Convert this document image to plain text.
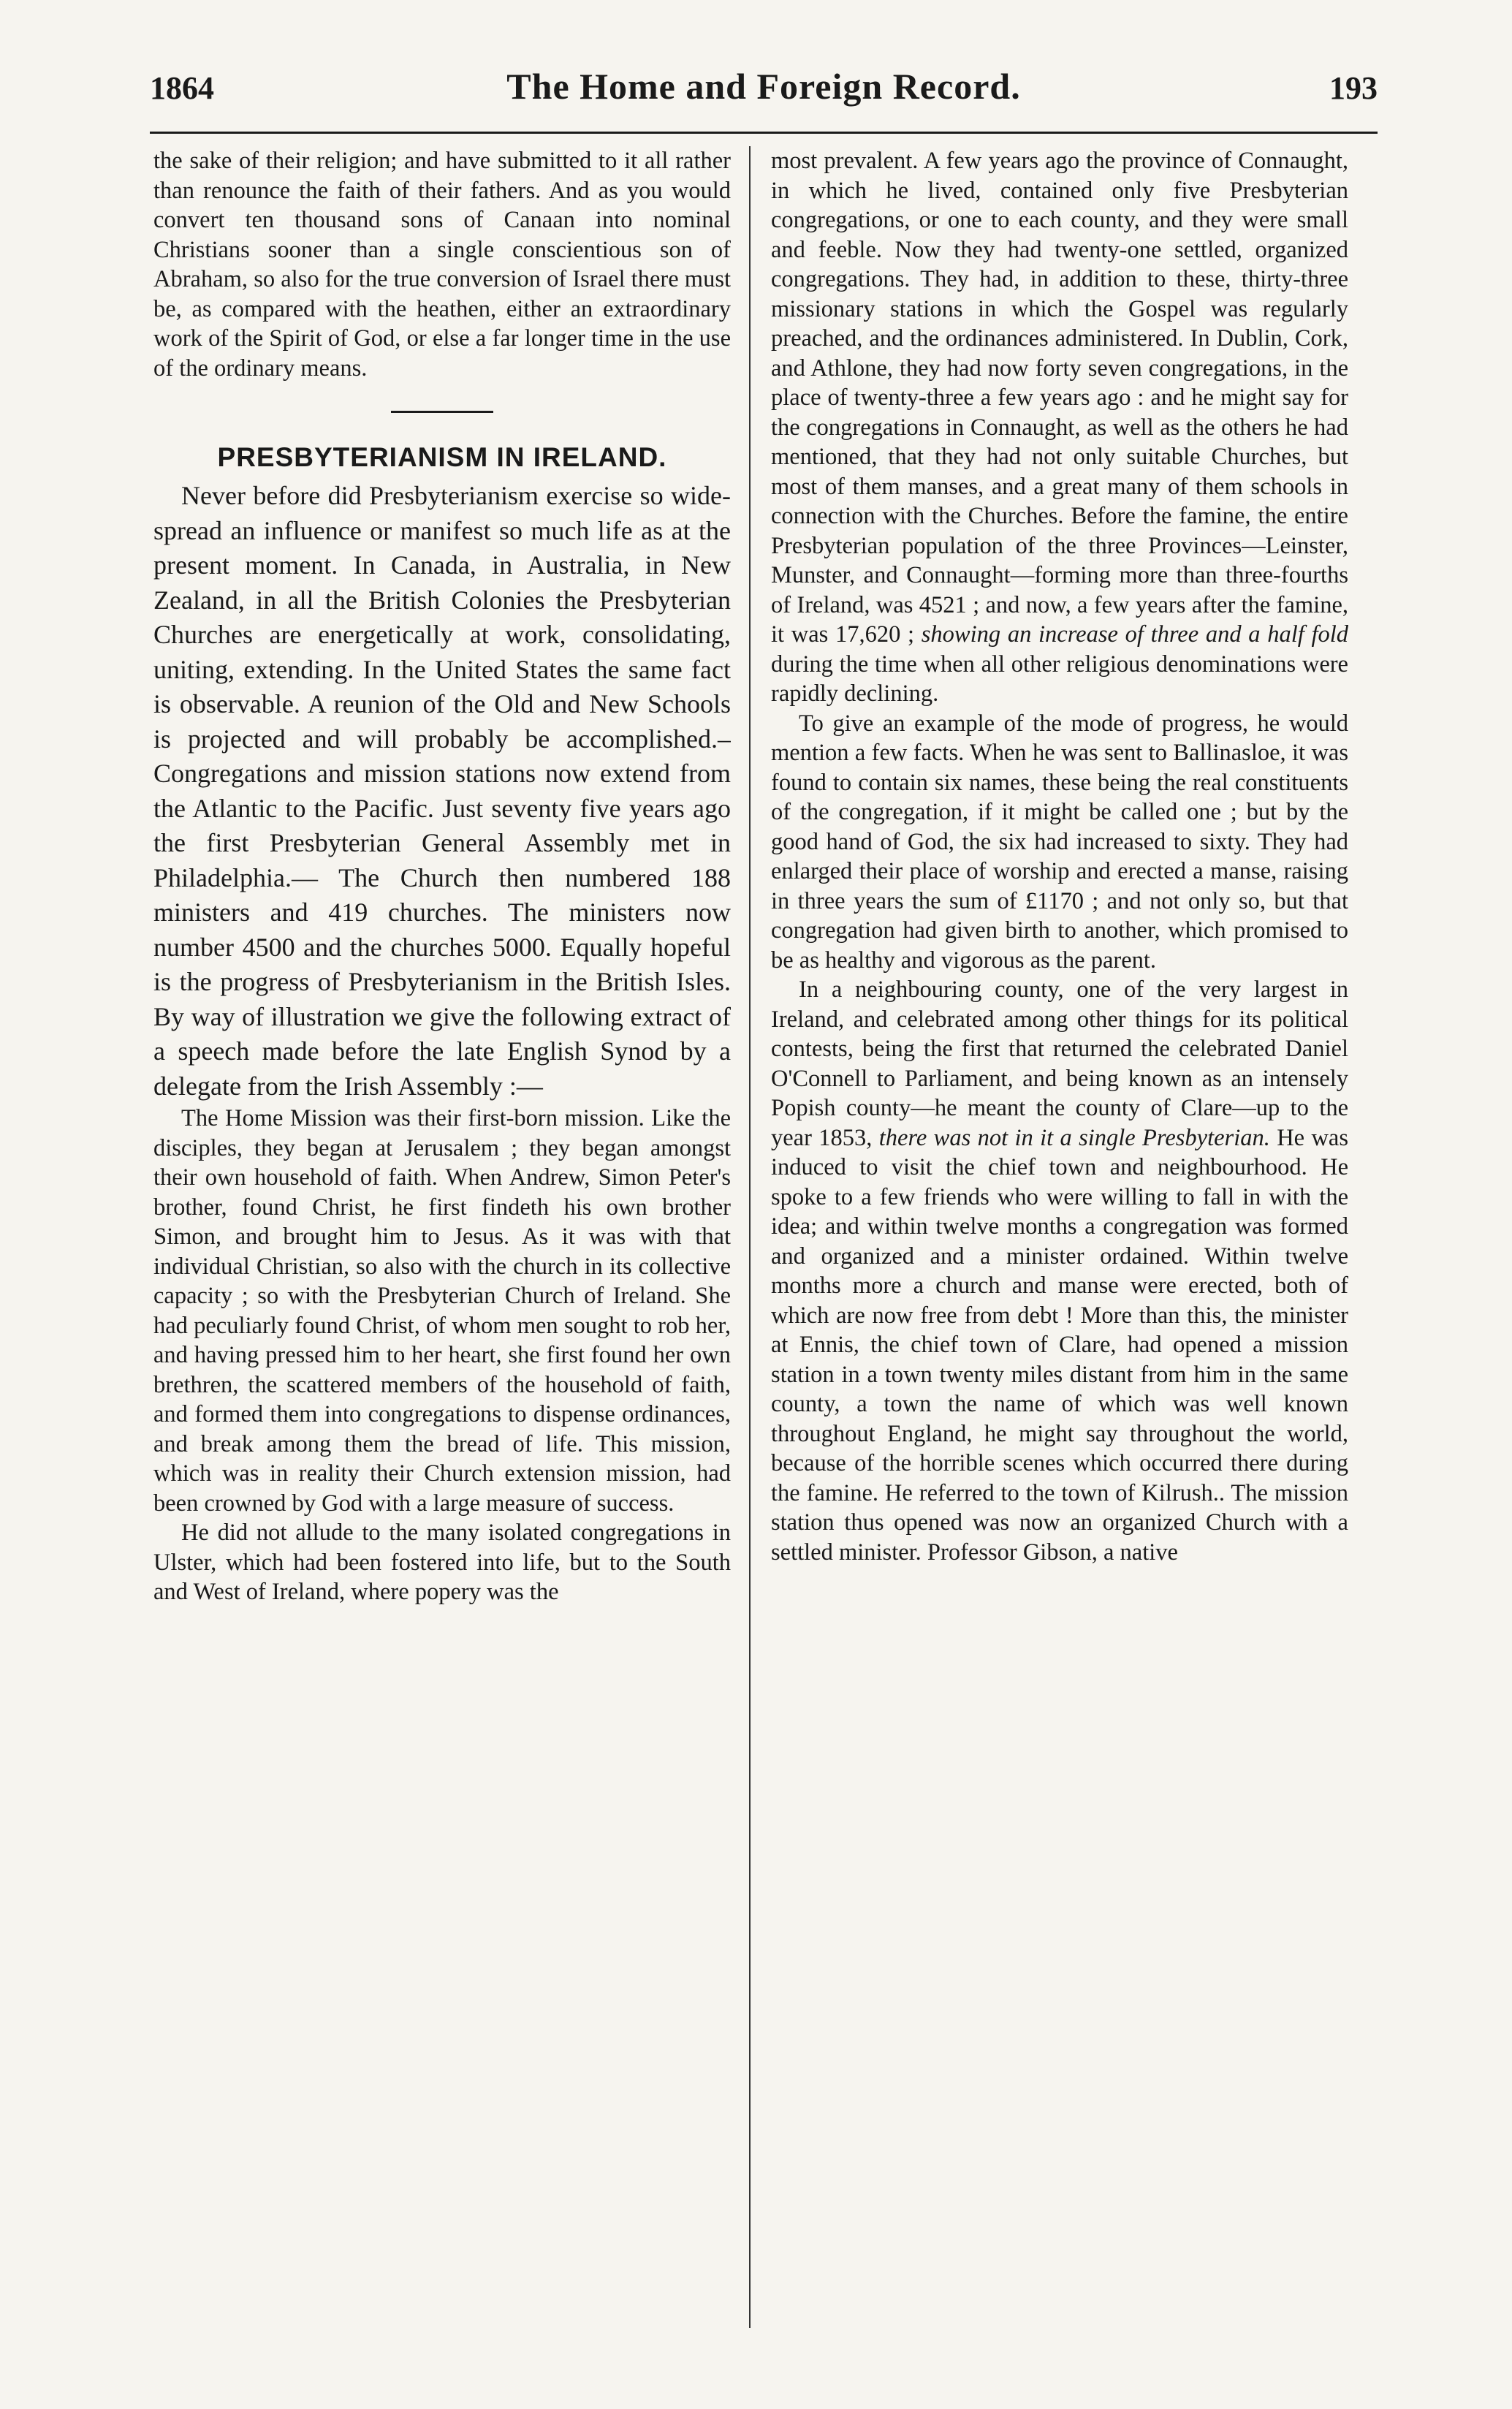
1864	The Home and Foreign Record.	193

the sake of their religion; and have submitted to it all rather than renounce the faith of their fathers. And as you would convert ten thousand sons of Canaan into nominal Christians sooner than a single conscientious son of Abraham, so also for the true conversion of Israel there must be, as compared with the heathen, either an extraordinary work of the Spirit of God, or else a far longer time in the use of the ordinary means.

PRESBYTERIANISM IN IRELAND.

Never before did Presbyterianism exercise so wide-spread an influence or manifest so much life as at the present moment. In Canada, in Australia, in New Zealand, in all the British Colonies the Presbyterian Churches are energetically at work, consolidating, uniting, extending. In the United States the same fact is observable. A reunion of the Old and New Schools is projected and will probably be accomplished.– Congregations and mission stations now extend from the Atlantic to the Pacific. Just seventy five years ago the first Presbyterian General Assembly met in Philadelphia.— The Church then numbered 188 ministers and 419 churches. The ministers now number 4500 and the churches 5000. Equally hopeful is the progress of Presbyterianism in the British Isles. By way of illustration we give the following extract of a speech made before the late English Synod by a delegate from the Irish Assembly :—

The Home Mission was their first-born mission. Like the disciples, they began at Jerusalem ; they began amongst their own household of faith. When Andrew, Simon Peter's brother, found Christ, he first findeth his own brother Simon, and brought him to Jesus. As it was with that individual Christian, so also with the church in its collective capacity ; so with the Presbyterian Church of Ireland. She had peculiarly found Christ, of whom men sought to rob her, and having pressed him to her heart, she first found her own brethren, the scattered members of the household of faith, and formed them into congregations to dispense ordinances, and break among them the bread of life. This mission, which was in reality their Church extension mission, had been crowned by God with a large measure of success.

He did not allude to the many isolated congregations in Ulster, which had been fostered into life, but to the South and West of Ireland, where popery was the

most prevalent. A few years ago the province of Connaught, in which he lived, contained only five Presbyterian congregations, or one to each county, and they were small and feeble. Now they had twenty-one settled, organized congregations. They had, in addition to these, thirty-three missionary stations in which the Gospel was regularly preached, and the ordinances administered. In Dublin, Cork, and Athlone, they had now forty seven congregations, in the place of twenty-three a few years ago : and he might say for the congregations in Connaught, as well as the others he had mentioned, that they had not only suitable Churches, but most of them manses, and a great many of them schools in connection with the Churches. Before the famine, the entire Presbyterian population of the three Provinces—Leinster, Munster, and Connaught—forming more than three-fourths of Ireland, was 4521 ; and now, a few years after the famine, it was 17,620 ; showing an increase of three and a half fold during the time when all other religious denominations were rapidly declining.

To give an example of the mode of progress, he would mention a few facts. When he was sent to Ballinasloe, it was found to contain six names, these being the real constituents of the congregation, if it might be called one ; but by the good hand of God, the six had increased to sixty. They had enlarged their place of worship and erected a manse, raising in three years the sum of £1170 ; and not only so, but that congregation had given birth to another, which promised to be as healthy and vigorous as the parent.

In a neighbouring county, one of the very largest in Ireland, and celebrated among other things for its political contests, being the first that returned the celebrated Daniel O'Connell to Parliament, and being known as an intensely Popish county—he meant the county of Clare—up to the year 1853, there was not in it a single Presbyterian. He was induced to visit the chief town and neighbourhood. He spoke to a few friends who were willing to fall in with the idea; and within twelve months a congregation was formed and organized and a minister ordained. Within twelve months more a church and manse were erected, both of which are now free from debt ! More than this, the minister at Ennis, the chief town of Clare, had opened a mission station in a town twenty miles distant from him in the same county, a town the name of which was well known throughout England, he might say throughout the world, because of the horrible scenes which occurred there during the famine. He referred to the town of Kilrush.. The mission station thus opened was now an organized Church with a settled minister. Professor Gibson, a native
